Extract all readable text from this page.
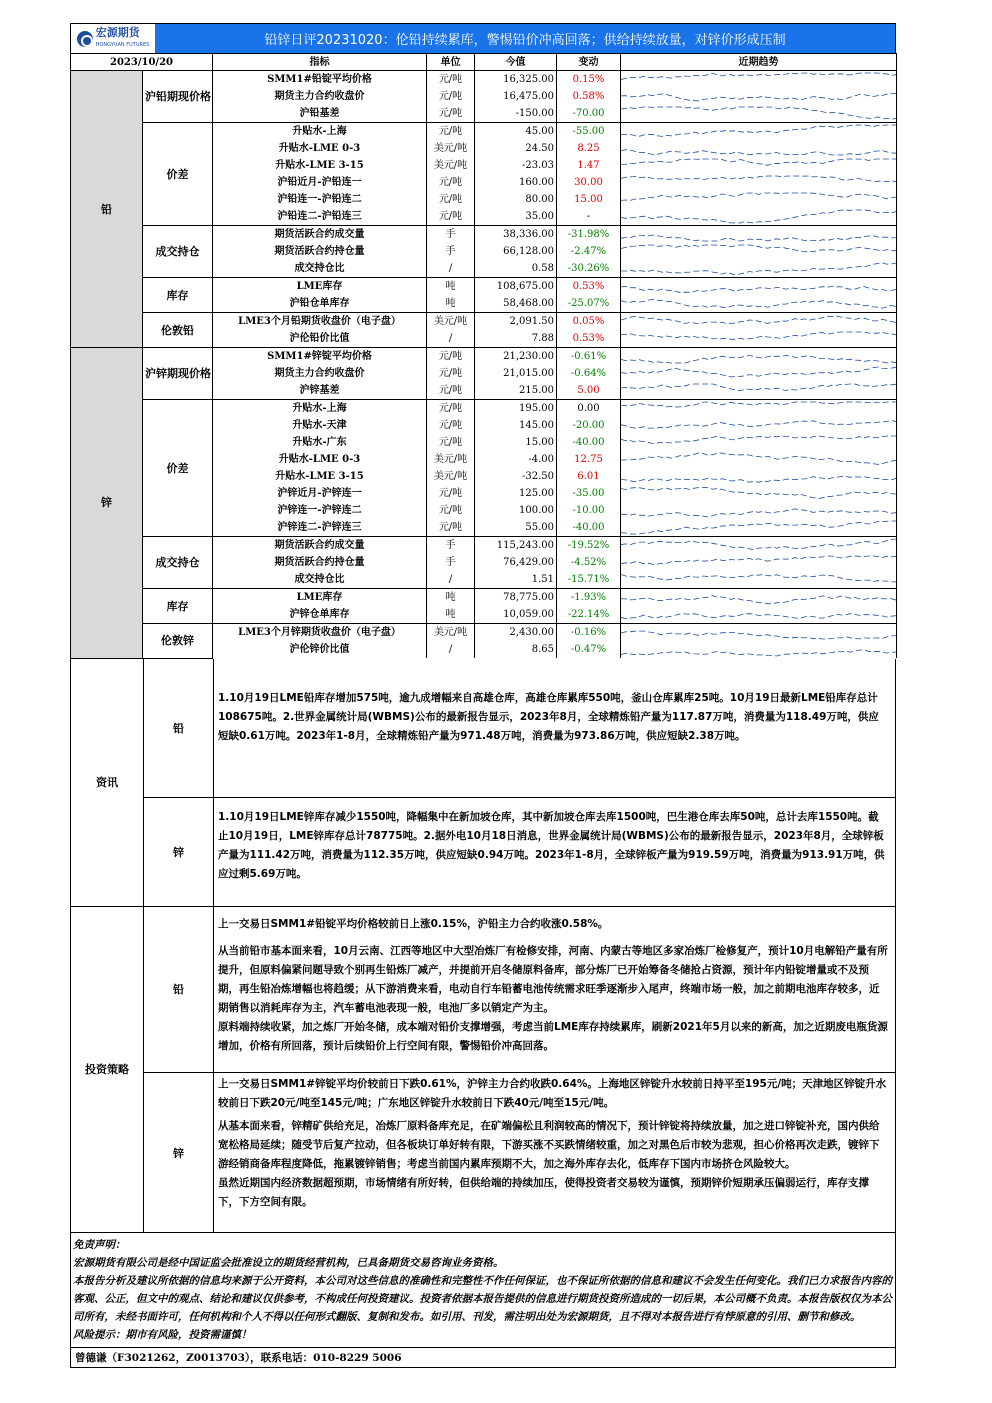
宏源期货
HONGYUAN FUTURES	铅锌日评20231020：伦铅持续累库，警惕铅价冲高回落；供给持续放量，对锌价形成压制
2023/10/20		指标	单位	今值	变动	近期趋势
铅	沪铅期现价格	SMM1#铅锭平均价格	元/吨	16,325.00	0.15%	

		期货主力合约收盘价	元/吨	16,475.00	0.58%	

		沪铅基差	元/吨	-150.00	-70.00	

	价差	升贴水-上海	元/吨	45.00	-55.00	

		升贴水-LME 0-3	美元/吨	24.50	8.25	

		升贴水-LME 3-15	美元/吨	-23.03	1.47	

		沪铅近月-沪铅连一	元/吨	160.00	30.00	

		沪铅连一-沪铅连二	元/吨	80.00	15.00	

		沪铅连二-沪铅连三	元/吨	35.00	-	

	成交持仓	期货活跃合约成交量	手	38,336.00	-31.98%	

		期货活跃合约持仓量	手	66,128.00	-2.47%	

		成交持仓比	/	0.58	-30.26%	

	库存	LME库存	吨	108,675.00	0.53%	

		沪铅仓单库存	吨	58,468.00	-25.07%	

	伦敦铅	LME3个月铅期货收盘价（电子盘）	美元/吨	2,091.50	0.05%	

		沪伦铅价比值	/	7.88	0.53%	

锌	沪锌期现价格	SMM1#锌锭平均价格	元/吨	21,230.00	-0.61%	

		期货主力合约收盘价	元/吨	21,015.00	-0.64%	

		沪锌基差	元/吨	215.00	5.00	

	价差	升贴水-上海	元/吨	195.00	0.00	

		升贴水-天津	元/吨	145.00	-20.00	

		升贴水-广东	元/吨	15.00	-40.00	

		升贴水-LME 0-3	美元/吨	-4.00	12.75	

		升贴水-LME 3-15	美元/吨	-32.50	6.01	

		沪锌近月-沪锌连一	元/吨	125.00	-35.00	

		沪锌连一-沪锌连二	元/吨	100.00	-10.00	

		沪锌连二-沪锌连三	元/吨	55.00	-40.00	

	成交持仓	期货活跃合约成交量	手	115,243.00	-19.52%	

		期货活跃合约持仓量	手	76,429.00	-4.52%	

		成交持仓比	/	1.51	-15.71%	

	库存	LME库存	吨	78,775.00	-1.93%	

		沪锌仓单库存	吨	10,059.00	-22.14%	

	伦敦锌	LME3个月锌期货收盘价（电子盘）	美元/吨	2,430.00	-0.16%	

		沪伦锌价比值	/	8.65	-0.47%	
资讯
铅
1.10月19日LME铅库存增加575吨，逾九成增幅来自高雄仓库，高雄仓库累库550吨，釜山仓库累库25吨。10月19日最新LME铅库存总计108675吨。2.世界金属统计局(WBMS)公布的最新报告显示，2023年8月，全球精炼铅产量为117.87万吨，消费量为118.49万吨，供应短缺0.61万吨。2023年1-8月，全球精炼铅产量为971.48万吨，消费量为973.86万吨，供应短缺2.38万吨。
锌
1.10月19日LME锌库存减少1550吨，降幅集中在新加坡仓库，其中新加坡仓库去库1500吨，巴生港仓库去库50吨，总计去库1550吨。截止10月19日，LME锌库存总计78775吨。2.据外电10月18日消息，世界金属统计局(WBMS)公布的最新报告显示，2023年8月，全球锌板产量为111.42万吨，消费量为112.35万吨，供应短缺0.94万吨。2023年1-8月，全球锌板产量为919.59万吨，消费量为913.91万吨，供应过剩5.69万吨。
投资策略
铅

上一交易日SMM1#铅锭平均价格较前日上涨0.15%，沪铅主力合约收涨0.58%。

从当前铅市基本面来看，10月云南、江西等地区中大型冶炼厂有检修安排，河南、内蒙古等地区多家冶炼厂检修复产，预计10月电解铅产量有所提升，但原料偏紧问题导致个别再生铅炼厂减产，并提前开启冬储原料备库，部分炼厂已开始筹备冬储抢占资源，预计年内铅锭增量或不及预期，再生铅冶炼增幅也将趋缓；从下游消费来看，电动自行车铅蓄电池传统需求旺季逐渐步入尾声，终端市场一般，加之前期电池库存较多，近期销售以消耗库存为主，汽车蓄电池表现一般，电池厂多以销定产为主。

原料端持续收紧，加之炼厂开始冬储，成本端对铅价支撑增强，考虑当前LME库存持续累库，刷新2021年5月以来的新高，加之近期废电瓶货源增加，价格有所回落，预计后续铅价上行空间有限，警惕铅价冲高回落。

锌

上一交易日SMM1#锌锭平均价较前日下跌0.61%，沪锌主力合约收跌0.64%。上海地区锌锭升水较前日持平至195元/吨；天津地区锌锭升水较前日下跌20元/吨至145元/吨；广东地区锌锭升水较前日下跌40元/吨至15元/吨。

从基本面来看，锌精矿供给充足，冶炼厂原料备库充足，在矿端偏松且利润较高的情况下，预计锌锭将持续放量，加之进口锌锭补充，国内供给宽松格局延续；随受节后复产拉动，但各板块订单好转有限，下游买涨不买跌情绪较重，加之对黑色后市较为悲观，担心价格再次走跌，镀锌下游经销商备库程度降低，拖累镀锌销售；考虑当前国内累库预期不大，加之海外库存去化，低库存下国内市场挤仓风险较大。

虽然近期国内经济数据超预期，市场情绪有所好转，但供给端的持续加压，使得投资者交易较为谨慎，预期锌价短期承压偏弱运行，库存支撑下，下方空间有限。

免责声明：
宏源期货有限公司是经中国证监会批准设立的期货经营机构，已具备期货交易咨询业务资格。
本报告分析及建议所依据的信息均来源于公开资料，本公司对这些信息的准确性和完整性不作任何保证，也不保证所依据的信息和建议不会发生任何变化。我们已力求报告内容的客观、公正，但文中的观点、结论和建议仅供参考，不构成任何投资建议。投资者依据本报告提供的信息进行期货投资所造成的一切后果，本公司概不负责。本报告版权仅为本公司所有，未经书面许可，任何机构和个人不得以任何形式翻版、复制和发布。如引用、刊发，需注明出处为宏源期货，且不得对本报告进行有悖原意的引用、删节和修改。
风险提示：期市有风险，投资需谨慎！
曾德谦（F3021262，Z0013703），联系电话：010-8229 5006
